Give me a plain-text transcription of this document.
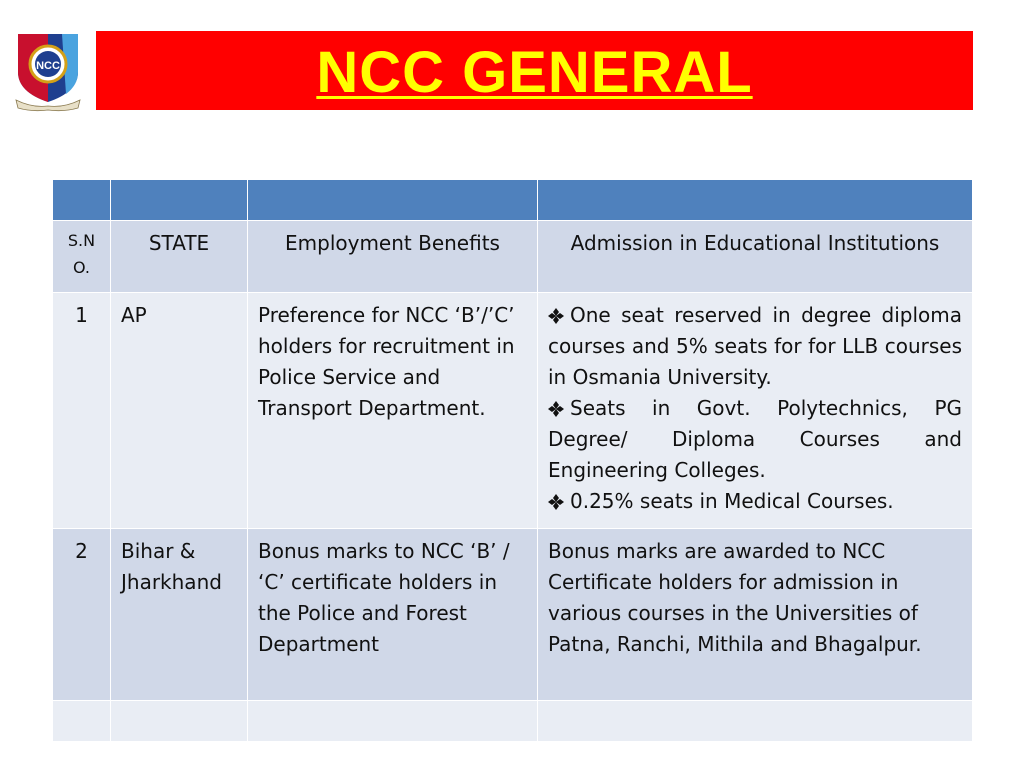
NCC	NCC GENERAL

S.N O.	STATE	Employment Benefits	Admission in Educational Institutions
1	AP	Preference for NCC ‘B’/’C’ holders for recruitment in Police Service and Transport Department.	One seat reserved in degree diploma courses and 5% seats for for LLB courses in Osmania University.
Seats in Govt. Polytechnics, PG Degree/ Diploma Courses and Engineering Colleges.
0.25% seats in Medical Courses.

2	Bihar & Jharkhand	Bonus marks to NCC ‘B’ / ‘C’ certificate holders in the Police and Forest Department	Bonus marks are awarded to NCC Certificate holders for admission in various courses in the Universities of Patna, Ranchi, Mithila and Bhagalpur.
